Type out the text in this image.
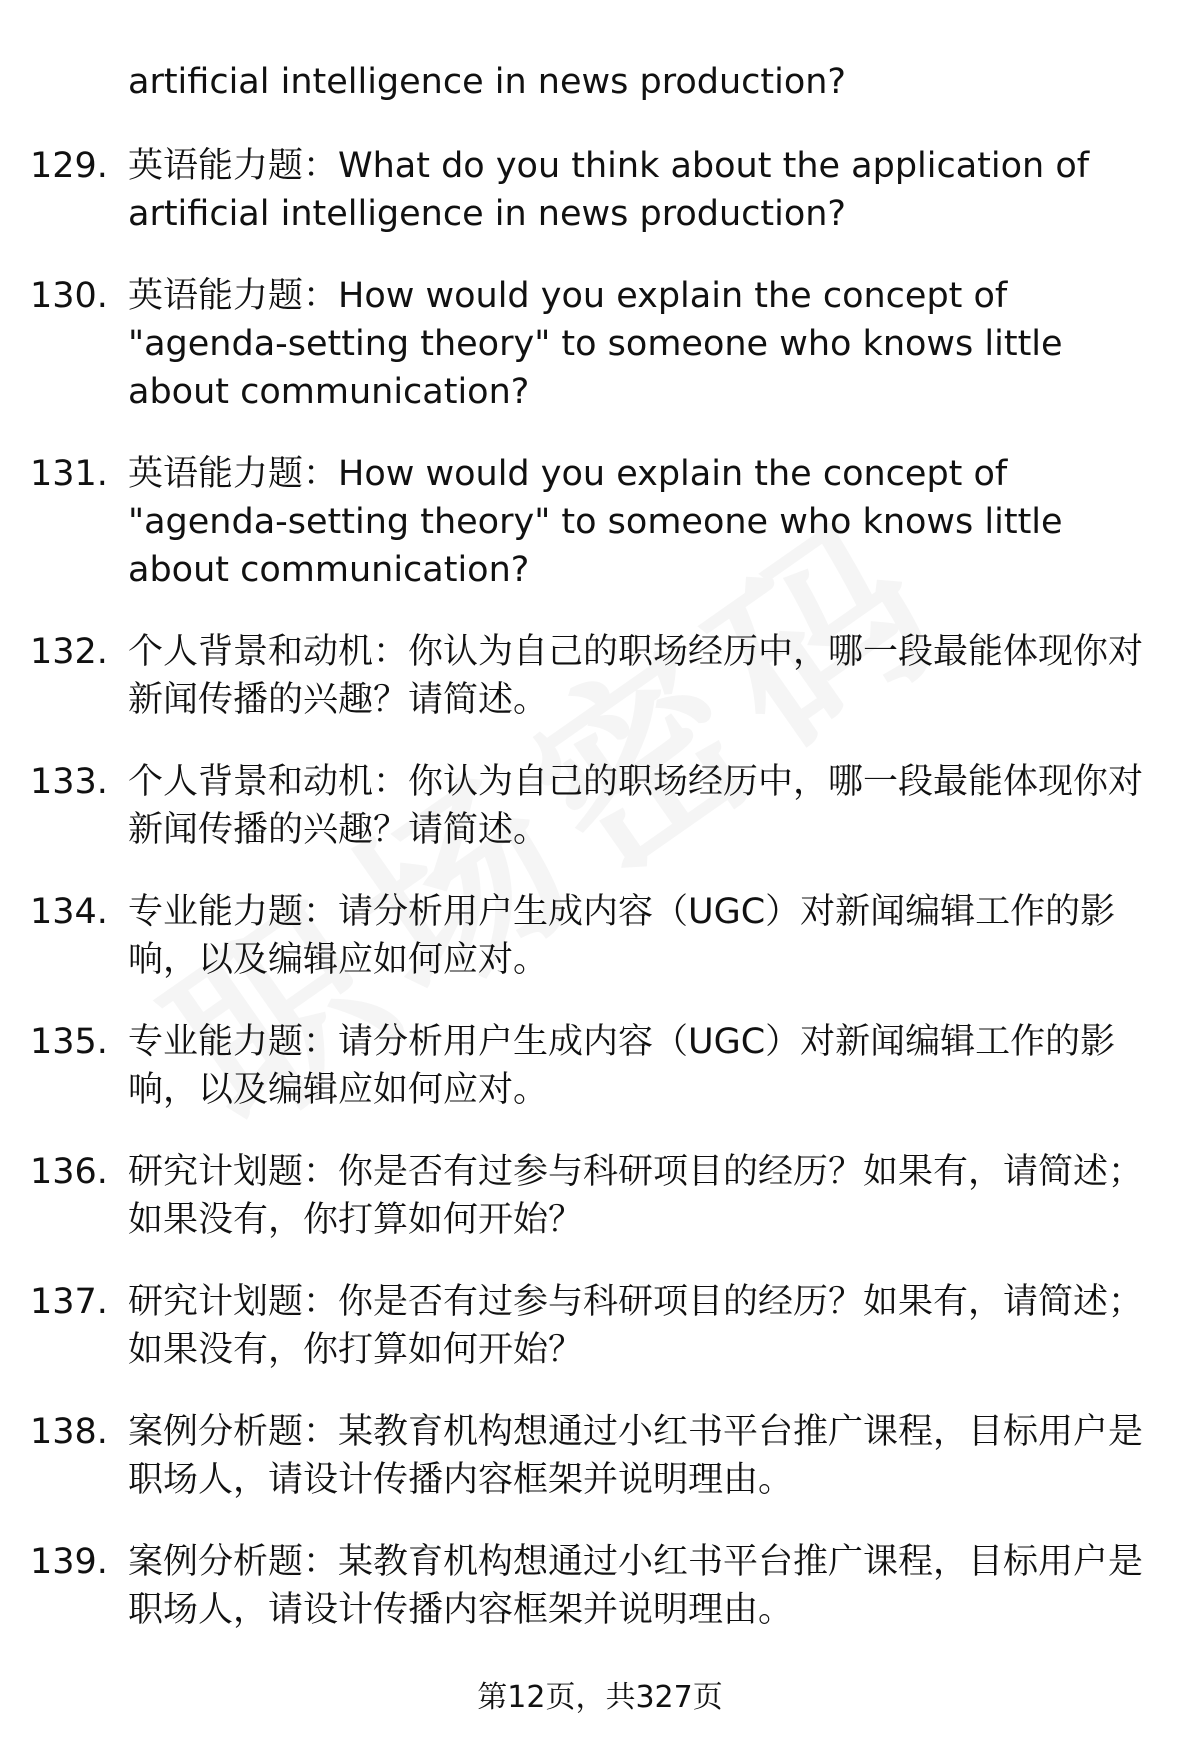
artificial intelligence in news production?
129. 英语能力题：What do you think about the application of artificial intelligence in news production?
130. 英语能力题：How would you explain the concept of "agenda-setting theory" to someone who knows little about communication?
131. 英语能力题：How would you explain the concept of "agenda-setting theory" to someone who knows little about communication?
132. 个人背景和动机：你认为自己的职场经历中，哪一段最能体现你对新闻传播的兴趣？请简述。
133. 个人背景和动机：你认为自己的职场经历中，哪一段最能体现你对新闻传播的兴趣？请简述。
134. 专业能力题：请分析用户生成内容（UGC）对新闻编辑工作的影响，以及编辑应如何应对。
135. 专业能力题：请分析用户生成内容（UGC）对新闻编辑工作的影响，以及编辑应如何应对。
136. 研究计划题：你是否有过参与科研项目的经历？如果有，请简述；如果没有，你打算如何开始？
137. 研究计划题：你是否有过参与科研项目的经历？如果有，请简述；如果没有，你打算如何开始？
138. 案例分析题：某教育机构想通过小红书平台推广课程，目标用户是职场人，请设计传播内容框架并说明理由。
139. 案例分析题：某教育机构想通过小红书平台推广课程，目标用户是职场人，请设计传播内容框架并说明理由。
第12页，共327页
